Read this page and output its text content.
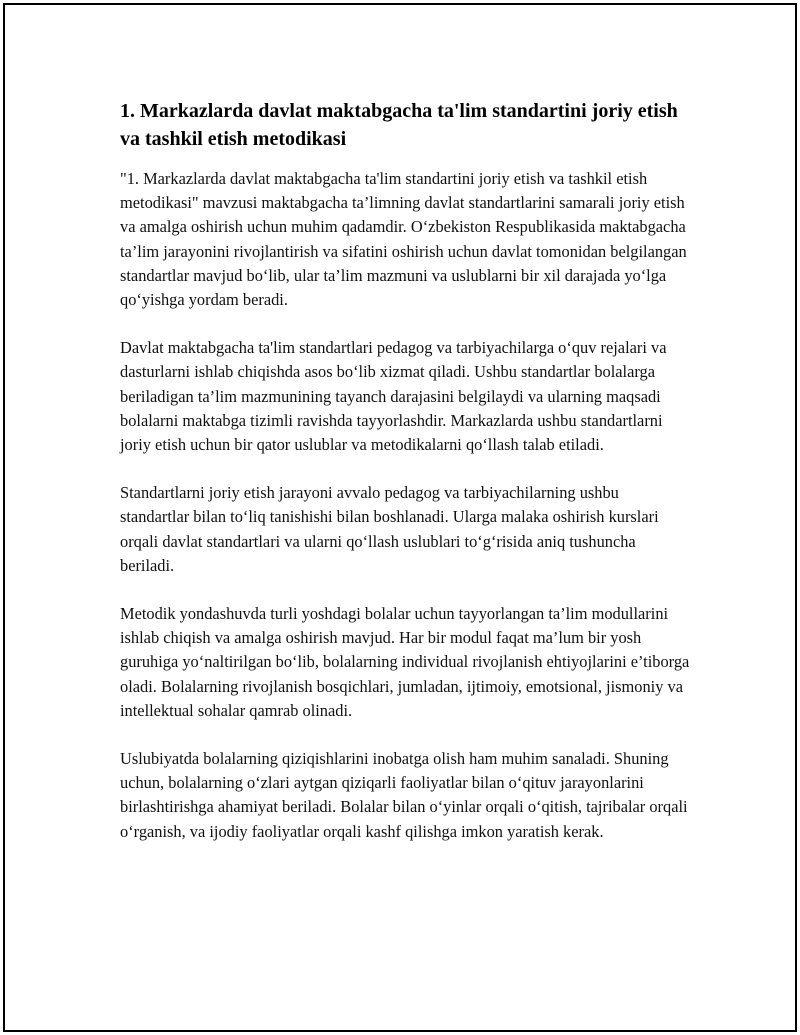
1. Markazlarda davlat maktabgacha ta'lim standartini joriy etish va tashkil etish metodikasi

"1. Markazlarda davlat maktabgacha ta'lim standartini joriy etish va tashkil etish metodikasi" mavzusi maktabgacha ta’limning davlat standartlarini samarali joriy etish va amalga oshirish uchun muhim qadamdir. O‘zbekiston Respublikasida maktabgacha ta’lim jarayonini rivojlantirish va sifatini oshirish uchun davlat tomonidan belgilangan standartlar mavjud bo‘lib, ular ta’lim mazmuni va uslublarni bir xil darajada yo‘lga qo‘yishga yordam beradi.

Davlat maktabgacha ta'lim standartlari pedagog va tarbiyachilarga o‘quv rejalari va dasturlarni ishlab chiqishda asos bo‘lib xizmat qiladi. Ushbu standartlar bolalarga beriladigan ta’lim mazmunining tayanch darajasini belgilaydi va ularning maqsadi bolalarni maktabga tizimli ravishda tayyorlashdir. Markazlarda ushbu standartlarni joriy etish uchun bir qator uslublar va metodikalarni qo‘llash talab etiladi.

Standartlarni joriy etish jarayoni avvalo pedagog va tarbiyachilarning ushbu standartlar bilan to‘liq tanishishi bilan boshlanadi. Ularga malaka oshirish kurslari orqali davlat standartlari va ularni qo‘llash uslublari to‘g‘risida aniq tushuncha beriladi.

Metodik yondashuvda turli yoshdagi bolalar uchun tayyorlangan ta’lim modullarini ishlab chiqish va amalga oshirish mavjud. Har bir modul faqat ma’lum bir yosh guruhiga yo‘naltirilgan bo‘lib, bolalarning individual rivojlanish ehtiyojlarini e’tiborga oladi. Bolalarning rivojlanish bosqichlari, jumladan, ijtimoiy, emotsional, jismoniy va intellektual sohalar qamrab olinadi.

Uslubiyatda bolalarning qiziqishlarini inobatga olish ham muhim sanaladi. Shuning uchun, bolalarning o‘zlari aytgan qiziqarli faoliyatlar bilan o‘qituv jarayonlarini birlashtirishga ahamiyat beriladi. Bolalar bilan o‘yinlar orqali o‘qitish, tajribalar orqali o‘rganish, va ijodiy faoliyatlar orqali kashf qilishga imkon yaratish kerak.
